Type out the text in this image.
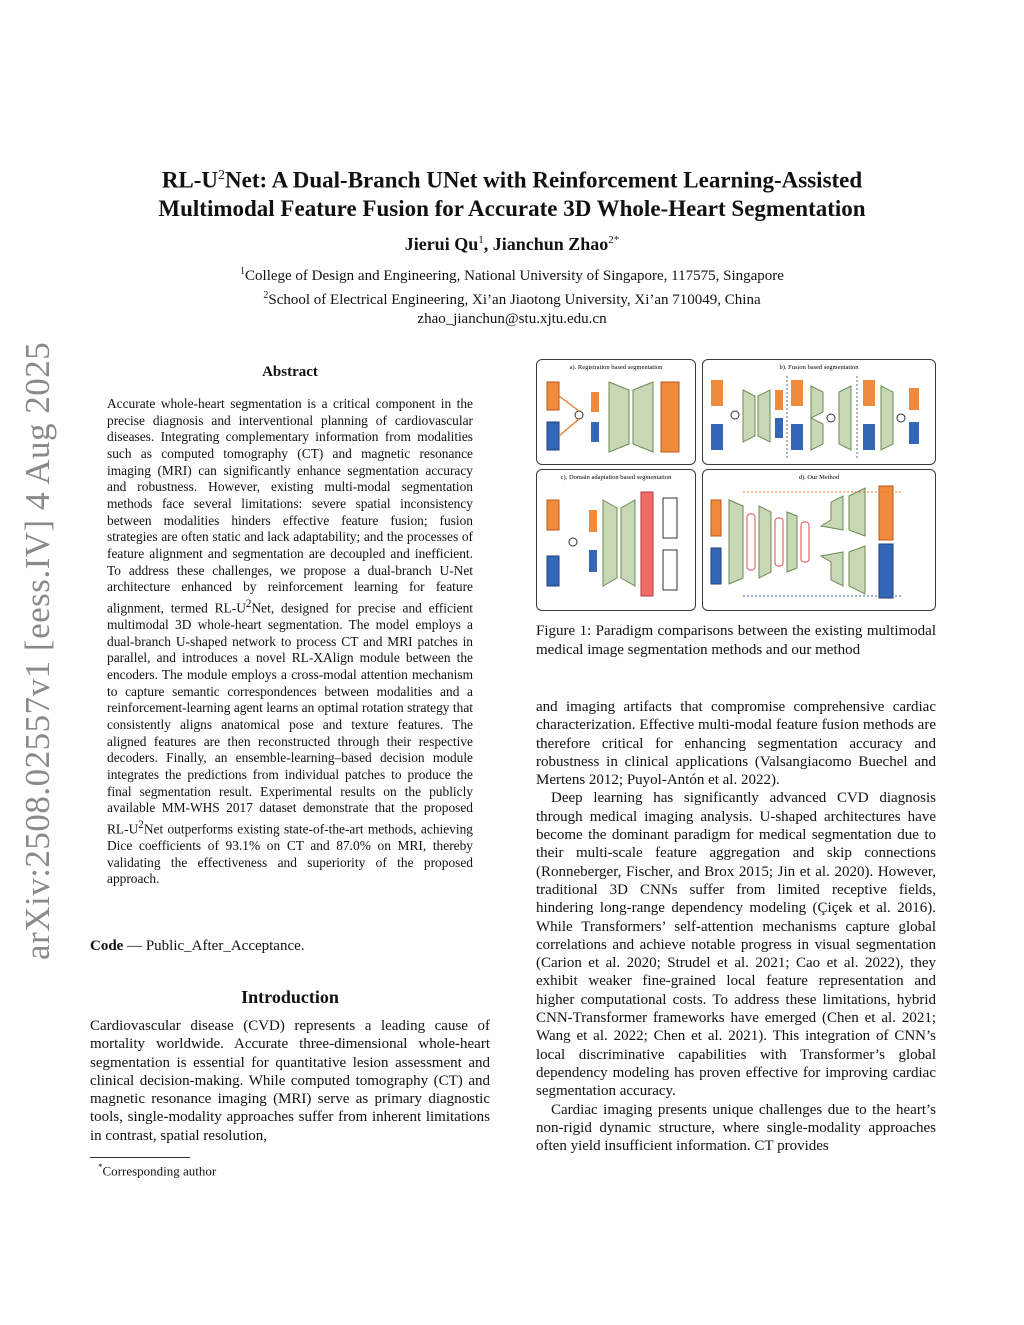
arXiv:2508.02557v1 [eess.IV] 4 Aug 2025
$RL-U^2Net$: A Dual-Branch UNet with Reinforcement Learning-Assisted
Multimodal Feature Fusion for Accurate 3D Whole-Heart Segmentation
Jierui Qu$^1$, Jianchun Zhao$^{2*}$
$^1$College of Design and Engineering, National University of Singapore, 117575, Singapore
$^2$School of Electrical Engineering, Xi’an Jiaotong University, Xi’an 710049, China
zhao_jianchun@stu.xjtu.edu.cn
Abstract
Accurate whole-heart segmentation is a critical component in the precise diagnosis and interventional planning of cardiovascular diseases. Integrating complementary information from modalities such as computed tomography (CT) and magnetic resonance imaging (MRI) can significantly enhance segmentation accuracy and robustness. However, existing multi-modal segmentation methods face several limitations: severe spatial inconsistency between modalities hinders effective feature fusion; fusion strategies are often static and lack adaptability; and the processes of feature alignment and segmentation are decoupled and inefficient. To address these challenges, we propose a dual-branch U-Net architecture enhanced by reinforcement learning for feature alignment, termed $RL-U^2Net$, designed for precise and efficient multimodal 3D whole-heart segmentation. The model employs a dual-branch U-shaped network to process CT and MRI patches in parallel, and introduces a novel RL-XAlign module between the encoders. The module employs a cross-modal attention mechanism to capture semantic correspondences between modalities and a reinforcement-learning agent learns an optimal rotation strategy that consistently aligns anatomical pose and texture features. The aligned features are then reconstructed through their respective decoders. Finally, an ensemble-learning–based decision module integrates the predictions from individual patches to produce the final segmentation result. Experimental results on the publicly available MM-WHS 2017 dataset demonstrate that the proposed $RL-U^2Net$ outperforms existing state-of-the-art methods, achieving Dice coefficients of 93.1% on CT and 87.0% on MRI, thereby validating the effectiveness and superiority of the proposed approach.
Code — Public_After_Acceptance.
Introduction
Cardiovascular disease (CVD) represents a leading cause of mortality worldwide. Accurate three-dimensional whole-heart segmentation is essential for quantitative lesion assessment and clinical decision-making. While computed tomography (CT) and magnetic resonance imaging (MRI) serve as primary diagnostic tools, single-modality approaches suffer from inherent limitations in contrast, spatial resolution,
*Corresponding author
a). Registration based segmentation	b). Fusion based segmentation
c). Domain adaptation based segmentation	d). Our Method
Figure 1: Paradigm comparisons between the existing multimodal medical image segmentation methods and our method

and imaging artifacts that compromise comprehensive cardiac characterization. Effective multi-modal feature fusion methods are therefore critical for enhancing segmentation accuracy and robustness in clinical applications (Valsangiacomo Buechel and Mertens 2012; Puyol-Antón et al. 2022).

Deep learning has significantly advanced CVD diagnosis through medical imaging analysis. U-shaped architectures have become the dominant paradigm for medical segmentation due to their multi-scale feature aggregation and skip connections (Ronneberger, Fischer, and Brox 2015; Jin et al. 2020). However, traditional 3D CNNs suffer from limited receptive fields, hindering long-range dependency modeling (Çiçek et al. 2016). While Transformers’ self-attention mechanisms capture global correlations and achieve notable progress in visual segmentation (Carion et al. 2020; Strudel et al. 2021; Cao et al. 2022), they exhibit weaker fine-grained local feature representation and higher computational costs. To address these limitations, hybrid CNN-Transformer frameworks have emerged (Chen et al. 2021; Wang et al. 2022; Chen et al. 2021). This integration of CNN’s local discriminative capabilities with Transformer’s global dependency modeling has proven effective for improving cardiac segmentation accuracy.

Cardiac imaging presents unique challenges due to the heart’s non-rigid dynamic structure, where single-modality approaches often yield insufficient information. CT provides
